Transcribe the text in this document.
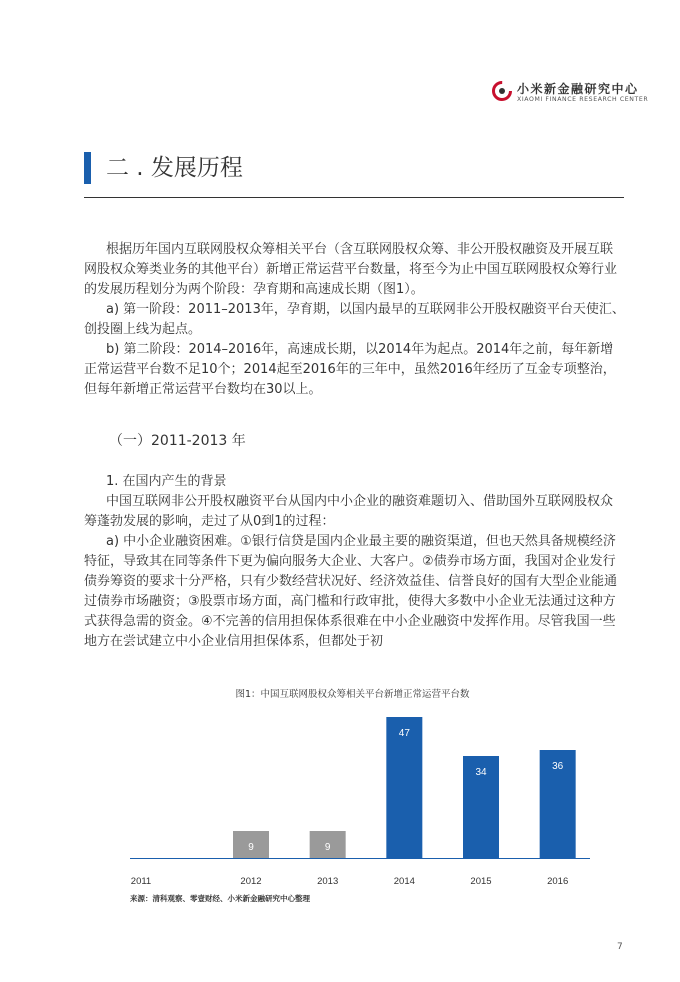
小米新金融研究中心
XIAOMI FINANCE RESEARCH CENTER
二 . 发展历程

根据历年国内互联网股权众筹相关平台（含互联网股权众筹、非公开股权融资及开展互联网股权众筹类业务的其他平台）新增正常运营平台数量，将至今为止中国互联网股权众筹行业的发展历程划分为两个阶段：孕育期和高速成长期（图1）。

a) 第一阶段：2011–2013年，孕育期，以国内最早的互联网非公开股权融资平台天使汇、创投圈上线为起点。

b) 第二阶段：2014–2016年，高速成长期，以2014年为起点。2014年之前，每年新增正常运营平台数不足10个；2014起至2016年的三年中，虽然2016年经历了互金专项整治，但每年新增正常运营平台数均在30以上。

（一）2011-2013 年

1. 在国内产生的背景

中国互联网非公开股权融资平台从国内中小企业的融资难题切入、借助国外互联网股权众筹蓬勃发展的影响，走过了从0到1的过程：

a) 中小企业融资困难。①银行信贷是国内企业最主要的融资渠道，但也天然具备规模经济特征，导致其在同等条件下更为偏向服务大企业、大客户。②债券市场方面，我国对企业发行债券筹资的要求十分严格，只有少数经营状况好、经济效益佳、信誉良好的国有大型企业能通过债券市场融资；③股票市场方面，高门槛和行政审批，使得大多数中小企业无法通过这种方式获得急需的资金。④不完善的信用担保体系很难在中小企业融资中发挥作用。尽管我国一些地方在尝试建立中小企业信用担保体系，但都处于初

图1：中国互联网股权众筹相关平台新增正常运营平台数
2011
9
2012
9
2013
47
2014
34
2015
36
2016
来源：清科观察、零壹财经、小米新金融研究中心整理
7
